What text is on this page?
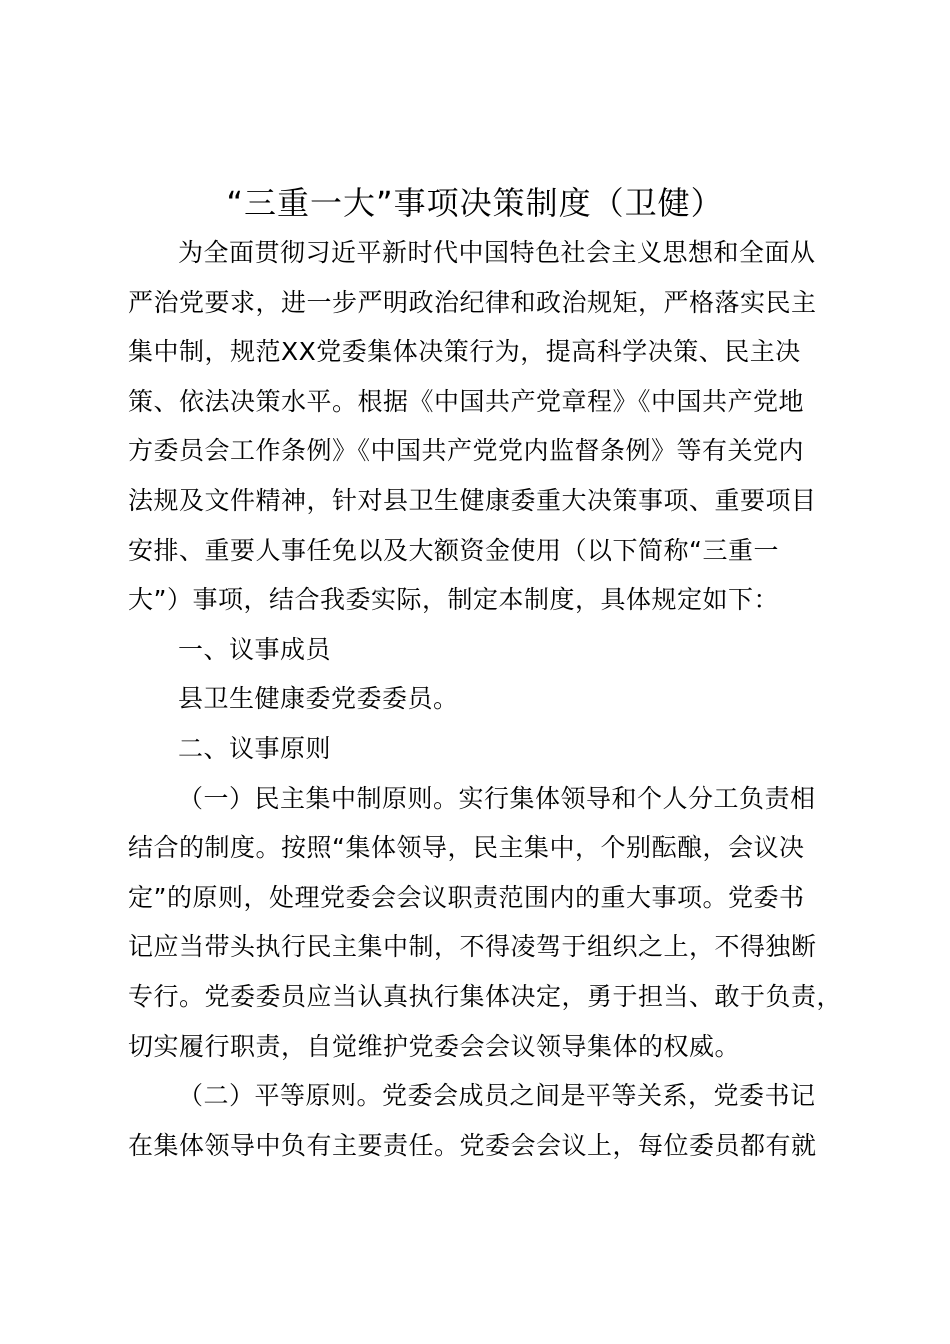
“三重一大”事项决策制度（卫健）
为全面贯彻习近平新时代中国特色社会主义思想和全面从
严治党要求，进一步严明政治纪律和政治规矩，严格落实民主
集中制，规范XX党委集体决策行为，提高科学决策、民主决
策、依法决策水平。根据《中国共产党章程》《中国共产党地
方委员会工作条例》《中国共产党党内监督条例》等有关党内
法规及文件精神，针对县卫生健康委重大决策事项、重要项目
安排、重要人事任免以及大额资金使用（以下简称“三重一
大”）事项，结合我委实际，制定本制度，具体规定如下：
一、议事成员
县卫生健康委党委委员。
二、议事原则
（一）民主集中制原则。实行集体领导和个人分工负责相
结合的制度。按照“集体领导，民主集中，个别酝酿，会议决
定”的原则，处理党委会会议职责范围内的重大事项。党委书
记应当带头执行民主集中制，不得凌驾于组织之上，不得独断
专行。党委委员应当认真执行集体决定，勇于担当、敢于负责，
切实履行职责，自觉维护党委会会议领导集体的权威。
（二）平等原则。党委会成员之间是平等关系，党委书记
在集体领导中负有主要责任。党委会会议上，每位委员都有就
